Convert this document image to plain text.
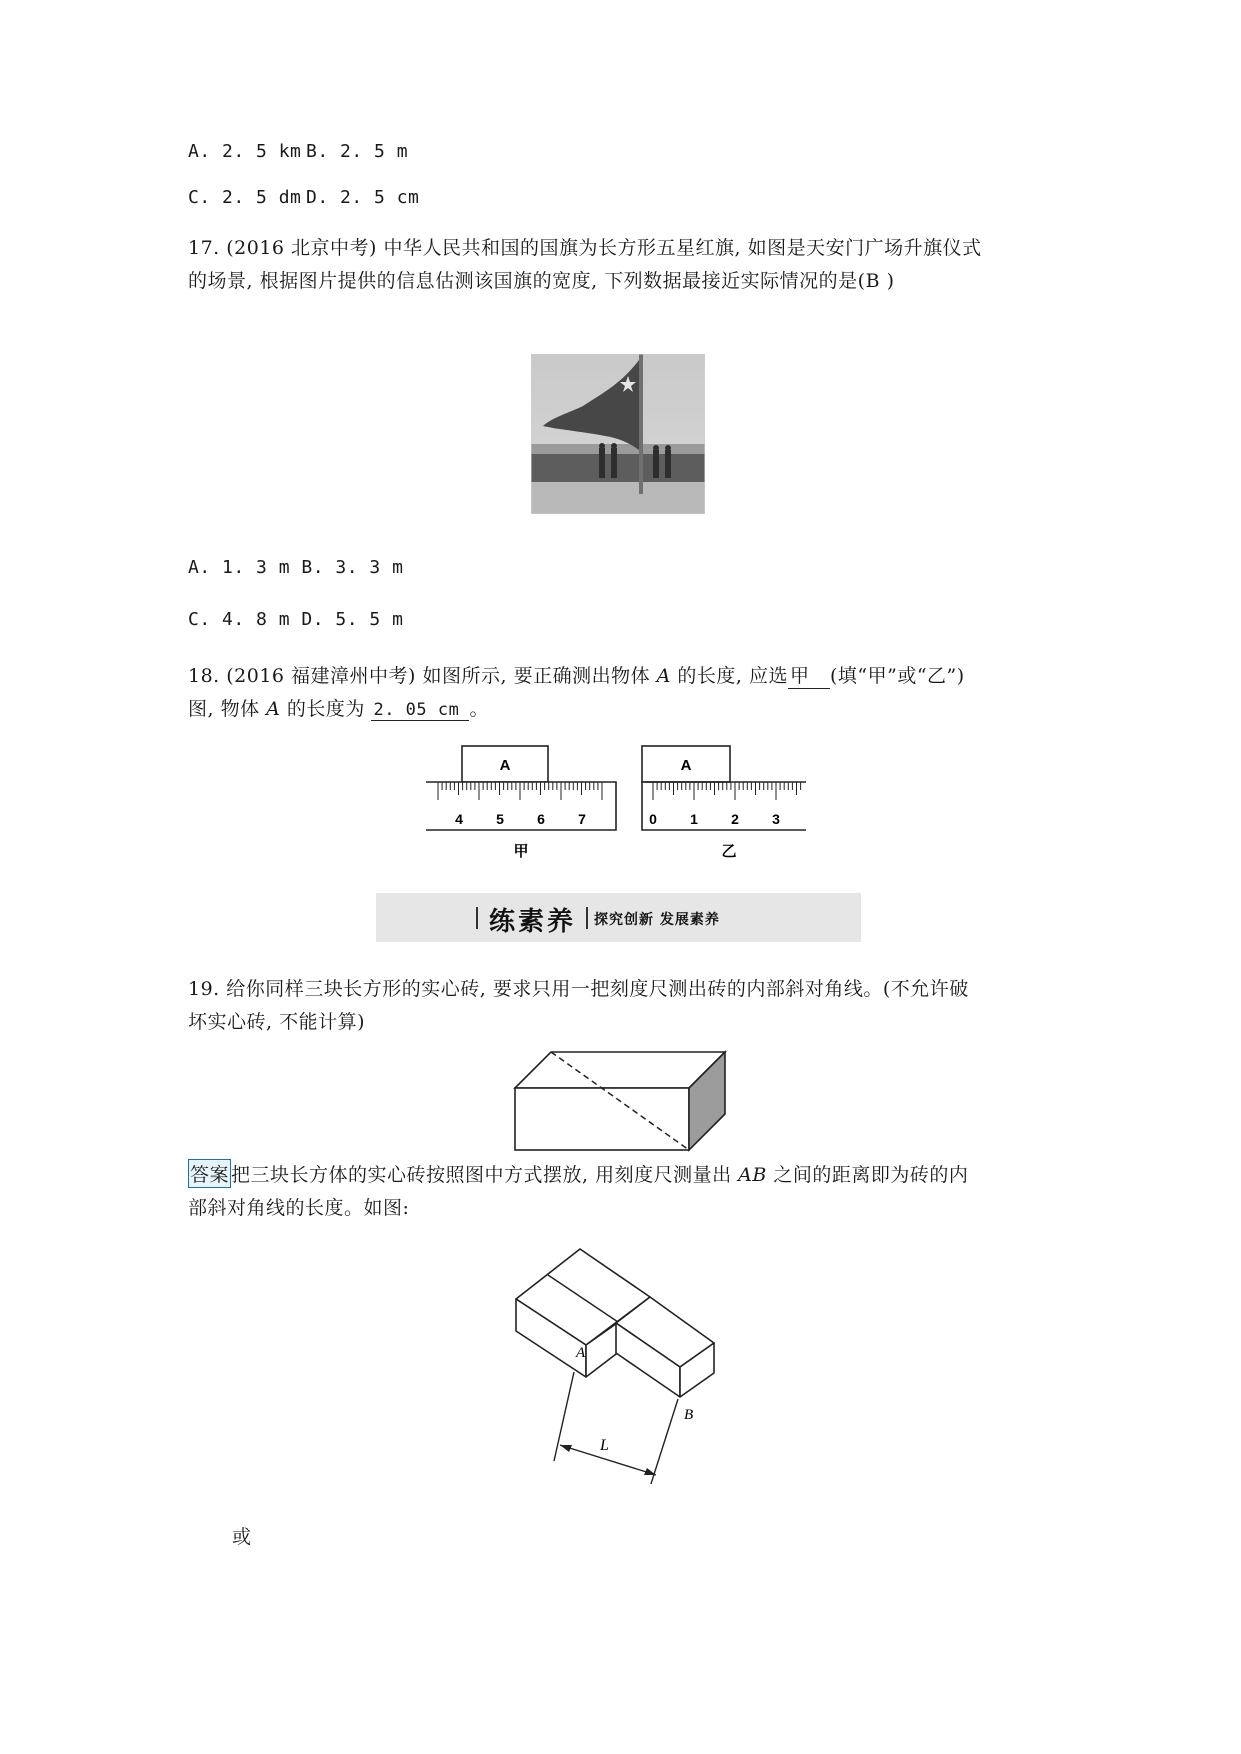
A. 2. 5 km B. 2. 5 m
C. 2. 5 dm D. 2. 5 cm
17. (2016 北京中考) 中华人民共和国的国旗为长方形五星红旗, 如图是天安门广场升旗仪式
的场景, 根据图片提供的信息估测该国旗的宽度, 下列数据最接近实际情况的是(B )
A. 1. 3 m B. 3. 3 m
C. 4. 8 m D. 5. 5 m
18. (2016 福建漳州中考) 如图所示, 要正确测出物体 A 的长度, 应选 甲 (填“甲”或“乙”)
图, 物体 A 的长度为 2. 05 cm 。
A
4 5 6 7
甲
A
0 1 2 3
乙
练素养 探究创新 发展素养
19. 给你同样三块长方形的实心砖, 要求只用一把刻度尺测出砖的内部斜对角线。(不允许破
坏实心砖, 不能计算)
答案 把三块长方体的实心砖按照图中方式摆放, 用刻度尺测量出 AB 之间的距离即为砖的内
部斜对角线的长度。如图:
A
B
L
或
